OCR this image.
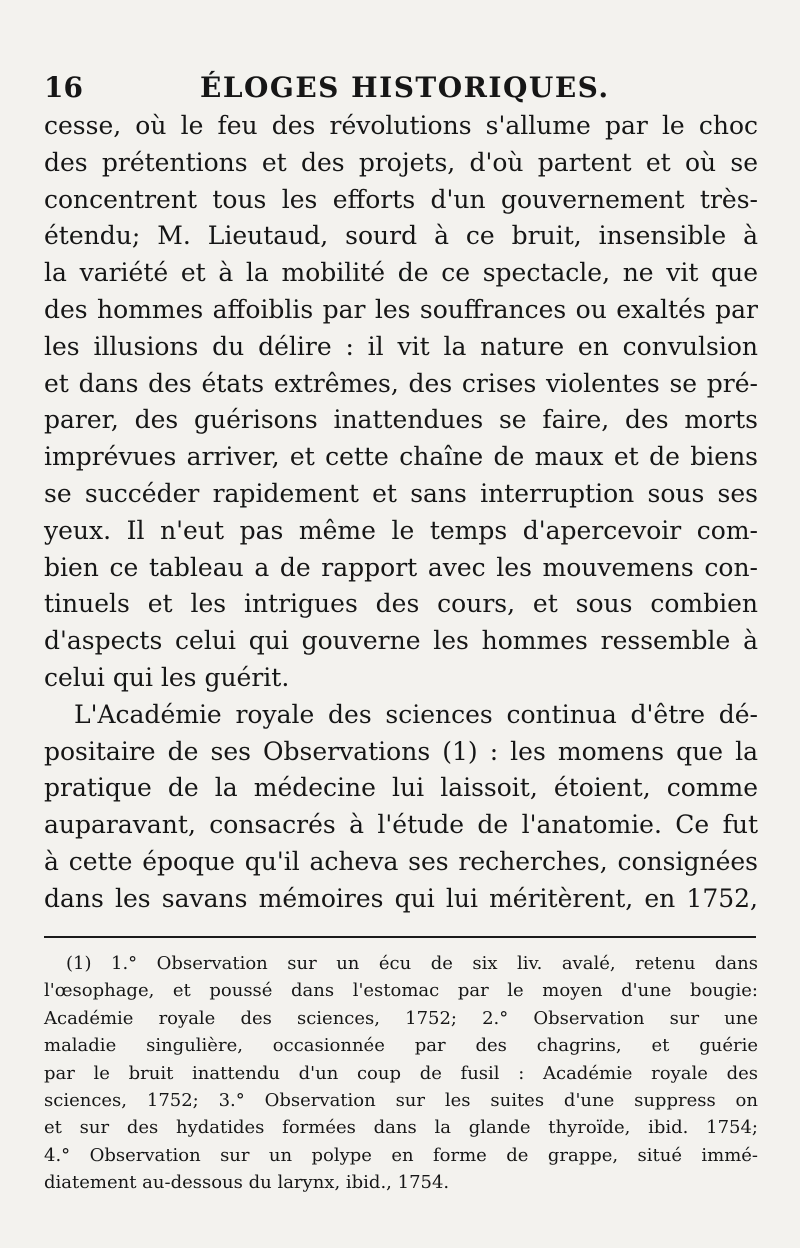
16	ÉLOGES HISTORIQUES.
cesse, où le feu des révolutions s'allume par le choc
des prétentions et des projets, d'où partent et où se
concentrent tous les efforts d'un gouvernement très-
étendu; M. Lieutaud, sourd à ce bruit, insensible à
la variété et à la mobilité de ce spectacle, ne vit que
des hommes affoiblis par les souffrances ou exaltés par
les illusions du délire : il vit la nature en convulsion
et dans des états extrêmes, des crises violentes se pré-
parer, des guérisons inattendues se faire, des morts
imprévues arriver, et cette chaîne de maux et de biens
se succéder rapidement et sans interruption sous ses
yeux. Il n'eut pas même le temps d'apercevoir com-
bien ce tableau a de rapport avec les mouvemens con-
tinuels et les intrigues des cours, et sous combien
d'aspects celui qui gouverne les hommes ressemble à
celui qui les guérit.
L'Académie royale des sciences continua d'être dé-
positaire de ses Observations (1) : les momens que la
pratique de la médecine lui laissoit, étoient, comme
auparavant, consacrés à l'étude de l'anatomie. Ce fut
à cette époque qu'il acheva ses recherches, consignées
dans les savans mémoires qui lui méritèrent, en 1752,
(1) 1.° Observation sur un écu de six liv. avalé, retenu dans
l'œsophage, et poussé dans l'estomac par le moyen d'une bougie:
Académie royale des sciences, 1752; 2.° Observation sur une
maladie singulière, occasionnée par des chagrins, et guérie
par le bruit inattendu d'un coup de fusil : Académie royale des
sciences, 1752; 3.° Observation sur les suites d'une suppress on
et sur des hydatides formées dans la glande thyroïde, ibid. 1754;
4.° Observation sur un polype en forme de grappe, situé immé-
diatement au-dessous du larynx, ibid., 1754.
